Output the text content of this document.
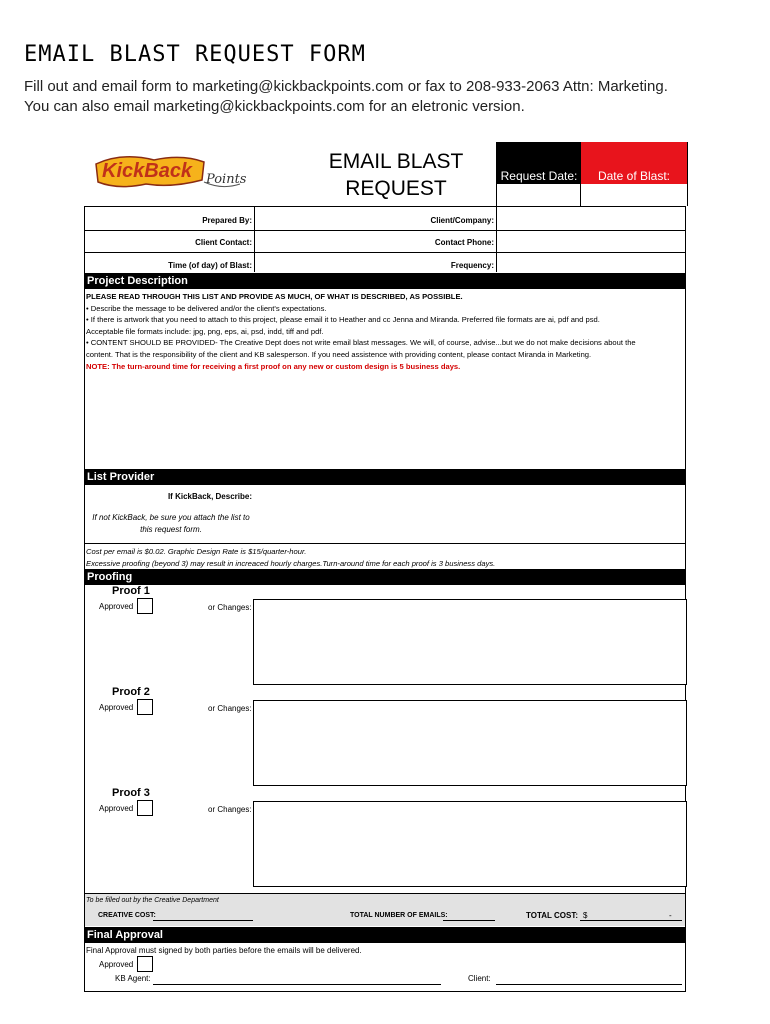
EMAIL BLAST REQUEST FORM
Fill out and email form to marketing@kickbackpoints.com or fax to 208-933-2063 Attn: Marketing.
You can also email marketing@kickbackpoints.com for an eletronic version.
KickBack Points
EMAIL BLAST
REQUEST
Request Date:	Date of Blast:
Prepared By:	Client/Company:
Client Contact:	Contact Phone:
Time (of day) of Blast:	Frequency:
Project Description
PLEASE READ THROUGH THIS LIST AND PROVIDE AS MUCH, OF WHAT IS DESCRIBED, AS POSSIBLE.
• Describe the message to be delivered and/or the client's expectations.
• If there is artwork that you need to attach to this project, please email it to Heather and cc Jenna and Miranda. Preferred file formats are ai, pdf and psd.
Acceptable file formats include: jpg, png, eps, ai, psd, indd, tiff and pdf.
• CONTENT SHOULD BE PROVIDED- The Creative Dept does not write email blast messages. We will, of course, advise...but we do not make decisions about the
content. That is the responsibility of the client and KB salesperson. If you need assistence with providing content, please contact Miranda in Marketing.
NOTE: The turn-around time for receiving a first proof on any new or custom design is 5 business days.
List Provider
If KickBack, Describe:
If not KickBack, be sure you attach the list to
this request form.
Cost per email is $0.02. Graphic Design Rate is $15/quarter-hour.
Excessive proofing (beyond 3) may result in increaced hourly charges.Turn-around time for each proof is 3 business days.
Proofing
Proof 1
Approved	or Changes:
Proof 2
Approved	or Changes:
Proof 3
Approved	or Changes:
To be filled out by the Creative Department
CREATIVE COST:	TOTAL NUMBER OF EMAILS:	TOTAL COST: $	-
Final Approval
Final Approval must signed by both parties before the emails will be delivered.
Approved
KB Agent:	Client:
